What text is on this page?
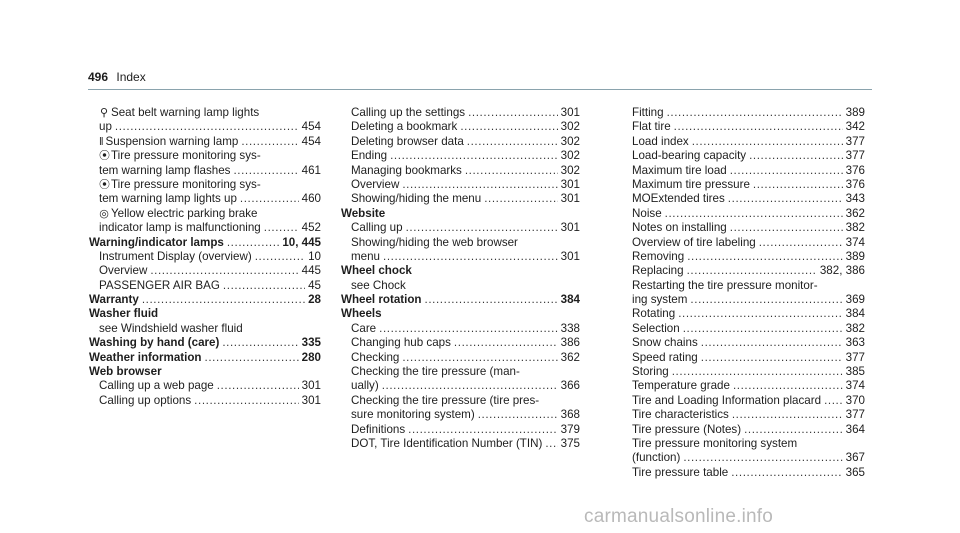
496 Index
⚲ Seat belt warning lamp lights
up .....	454
ǁ Suspension warning lamp .....	454
⦿ Tire pressure monitoring sys-
tem warning lamp flashes .....	461
⦿ Tire pressure monitoring sys-
tem warning lamp lights up .....	460
◎ Yellow electric parking brake
indicator lamp is malfunctioning .....	452
Warning/indicator lamps .....	10, 445
Instrument Display (overview) .....	10
Overview .....	445
PASSENGER AIR BAG .....	45
Warranty .....	28
Washer fluid
see Windshield washer fluid
Washing by hand (care) .....	335
Weather information .....	280
Web browser
Calling up a web page .....	301
Calling up options .....	301
Calling up the settings .....	301
Deleting a bookmark .....	302
Deleting browser data .....	302
Ending .....	302
Managing bookmarks .....	302
Overview .....	301
Showing/hiding the menu .....	301
Website
Calling up .....	301
Showing/hiding the web browser
menu .....	301
Wheel chock
see Chock
Wheel rotation .....	384
Wheels
Care .....	338
Changing hub caps .....	386
Checking .....	362
Checking the tire pressure (man-
ually) .....	366
Checking the tire pressure (tire pres-
sure monitoring system) .....	368
Definitions .....	379
DOT, Tire Identification Number (TIN) ..... 375
Fitting .....	389
Flat tire .....	342
Load index .....	377
Load-bearing capacity .....	377
Maximum tire load .....	376
Maximum tire pressure .....	376
MOExtended tires .....	343
Noise .....	362
Notes on installing .....	382
Overview of tire labeling .....	374
Removing .....	389
Replacing .....	382, 386
Restarting the tire pressure monitor-
ing system .....	369
Rotating .....	384
Selection .....	382
Snow chains .....	363
Speed rating .....	377
Storing .....	385
Temperature grade .....	374
Tire and Loading Information placard ..... 370
Tire characteristics .....	377
Tire pressure (Notes) .....	364
Tire pressure monitoring system
(function) .....	367
Tire pressure table .....	365
carmanualsonline.info
